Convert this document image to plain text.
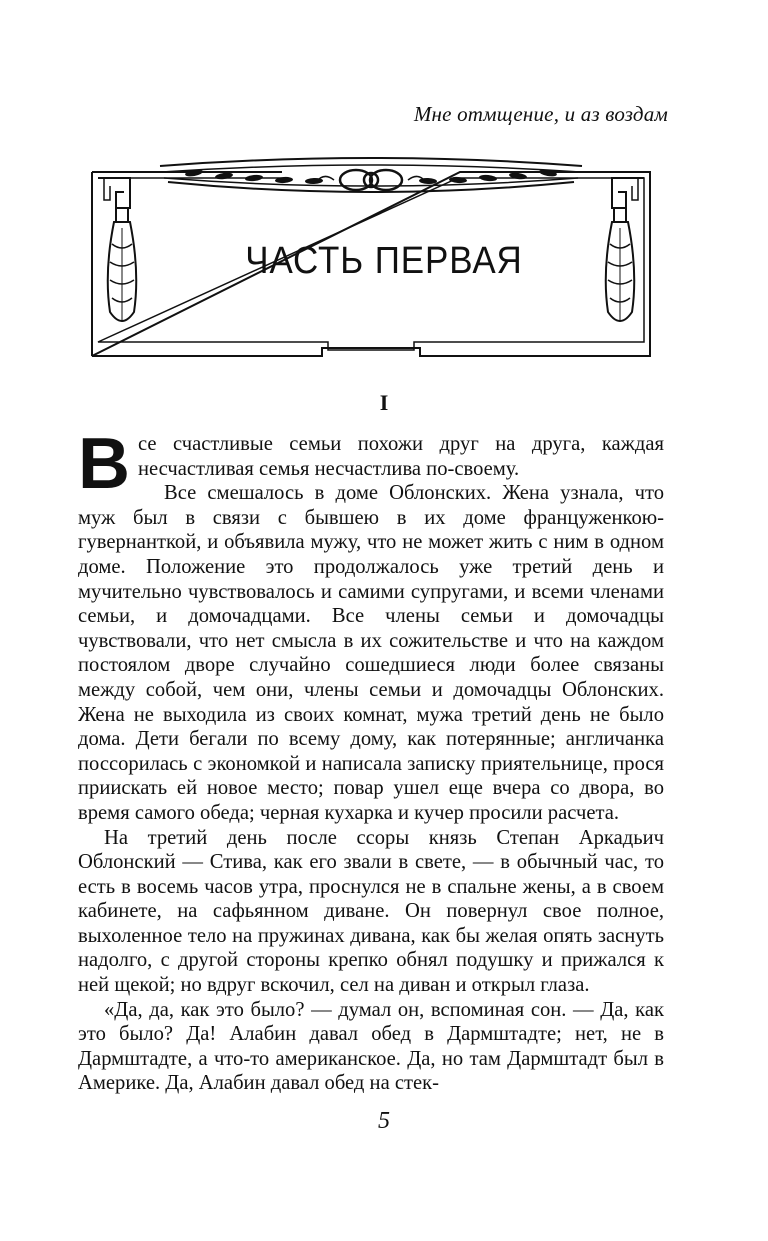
Мне отмщение, и аз воздам
ЧАСТЬ ПЕРВАЯ
I

Все счастливые семьи похожи друг на друга, каждая несчастливая семья несчастлива по-своему.

Все смешалось в доме Облонских. Жена узнала, что муж был в связи с бывшею в их доме француженкою-гувернанткой, и объявила мужу, что не может жить с ним в одном доме. Положение это продолжалось уже третий день и мучительно чувствовалось и самими супругами, и всеми членами семьи, и домочадцами. Все члены семьи и домочадцы чувствовали, что нет смысла в их сожительстве и что на каждом постоялом дворе случайно сошедшиеся люди более связаны между собой, чем они, члены семьи и домочадцы Облонских. Жена не выходила из своих комнат, мужа третий день не было дома. Дети бегали по всему дому, как потерянные; англичанка поссорилась с экономкой и написала записку приятельнице, прося приискать ей новое место; повар ушел еще вчера со двора, во время самого обеда; черная кухарка и кучер просили расчета.

На третий день после ссоры князь Степан Аркадьич Облонский — Стива, как его звали в свете, — в обычный час, то есть в восемь часов утра, проснулся не в спальне жены, а в своем кабинете, на сафьянном диване. Он повернул свое полное, выхоленное тело на пружинах дивана, как бы желая опять заснуть надолго, с другой стороны крепко обнял подушку и прижался к ней щекой; но вдруг вскочил, сел на диван и открыл глаза.

«Да, да, как это было? — думал он, вспоминая сон. — Да, как это было? Да! Алабин давал обед в Дармштадте; нет, не в Дармштадте, а что-то американское. Да, но там Дармштадт был в Америке. Да, Алабин давал обед на стек-

5
